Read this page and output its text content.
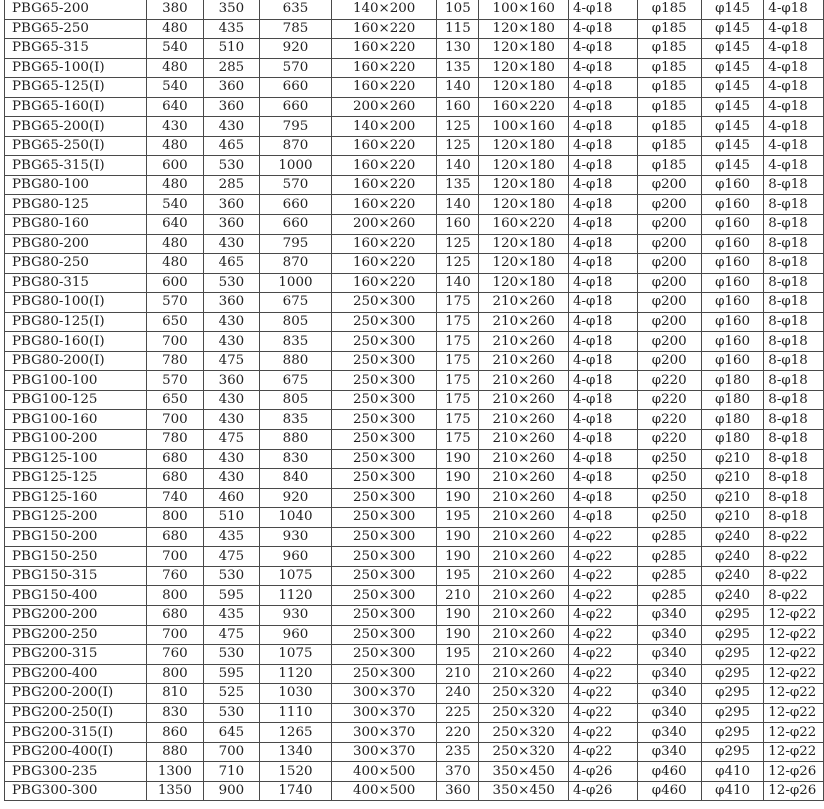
PBG65-200	380	350	635	140×200	105	100×160	4-φ18	φ185	φ145	4-φ18
PBG65-250	480	435	785	160×220	115	120×180	4-φ18	φ185	φ145	4-φ18
PBG65-315	540	510	920	160×220	130	120×180	4-φ18	φ185	φ145	4-φ18
PBG65-100(I)	480	285	570	160×220	135	120×180	4-φ18	φ185	φ145	4-φ18
PBG65-125(I)	540	360	660	160×220	140	120×180	4-φ18	φ185	φ145	4-φ18
PBG65-160(I)	640	360	660	200×260	160	160×220	4-φ18	φ185	φ145	4-φ18
PBG65-200(I)	430	430	795	140×200	125	100×160	4-φ18	φ185	φ145	4-φ18
PBG65-250(I)	480	465	870	160×220	125	120×180	4-φ18	φ185	φ145	4-φ18
PBG65-315(I)	600	530	1000	160×220	140	120×180	4-φ18	φ185	φ145	4-φ18
PBG80-100	480	285	570	160×220	135	120×180	4-φ18	φ200	φ160	8-φ18
PBG80-125	540	360	660	160×220	140	120×180	4-φ18	φ200	φ160	8-φ18
PBG80-160	640	360	660	200×260	160	160×220	4-φ18	φ200	φ160	8-φ18
PBG80-200	480	430	795	160×220	125	120×180	4-φ18	φ200	φ160	8-φ18
PBG80-250	480	465	870	160×220	125	120×180	4-φ18	φ200	φ160	8-φ18
PBG80-315	600	530	1000	160×220	140	120×180	4-φ18	φ200	φ160	8-φ18
PBG80-100(I)	570	360	675	250×300	175	210×260	4-φ18	φ200	φ160	8-φ18
PBG80-125(I)	650	430	805	250×300	175	210×260	4-φ18	φ200	φ160	8-φ18
PBG80-160(I)	700	430	835	250×300	175	210×260	4-φ18	φ200	φ160	8-φ18
PBG80-200(I)	780	475	880	250×300	175	210×260	4-φ18	φ200	φ160	8-φ18
PBG100-100	570	360	675	250×300	175	210×260	4-φ18	φ220	φ180	8-φ18
PBG100-125	650	430	805	250×300	175	210×260	4-φ18	φ220	φ180	8-φ18
PBG100-160	700	430	835	250×300	175	210×260	4-φ18	φ220	φ180	8-φ18
PBG100-200	780	475	880	250×300	175	210×260	4-φ18	φ220	φ180	8-φ18
PBG125-100	680	430	830	250×300	190	210×260	4-φ18	φ250	φ210	8-φ18
PBG125-125	680	430	840	250×300	190	210×260	4-φ18	φ250	φ210	8-φ18
PBG125-160	740	460	920	250×300	190	210×260	4-φ18	φ250	φ210	8-φ18
PBG125-200	800	510	1040	250×300	195	210×260	4-φ18	φ250	φ210	8-φ18
PBG150-200	680	435	930	250×300	190	210×260	4-φ22	φ285	φ240	8-φ22
PBG150-250	700	475	960	250×300	190	210×260	4-φ22	φ285	φ240	8-φ22
PBG150-315	760	530	1075	250×300	195	210×260	4-φ22	φ285	φ240	8-φ22
PBG150-400	800	595	1120	250×300	210	210×260	4-φ22	φ285	φ240	8-φ22
PBG200-200	680	435	930	250×300	190	210×260	4-φ22	φ340	φ295	12-φ22
PBG200-250	700	475	960	250×300	190	210×260	4-φ22	φ340	φ295	12-φ22
PBG200-315	760	530	1075	250×300	195	210×260	4-φ22	φ340	φ295	12-φ22
PBG200-400	800	595	1120	250×300	210	210×260	4-φ22	φ340	φ295	12-φ22
PBG200-200(I)	810	525	1030	300×370	240	250×320	4-φ22	φ340	φ295	12-φ22
PBG200-250(I)	830	530	1110	300×370	225	250×320	4-φ22	φ340	φ295	12-φ22
PBG200-315(I)	860	645	1265	300×370	220	250×320	4-φ22	φ340	φ295	12-φ22
PBG200-400(I)	880	700	1340	300×370	235	250×320	4-φ22	φ340	φ295	12-φ22
PBG300-235	1300	710	1520	400×500	370	350×450	4-φ26	φ460	φ410	12-φ26
PBG300-300	1350	900	1740	400×500	360	350×450	4-φ26	φ460	φ410	12-φ26
